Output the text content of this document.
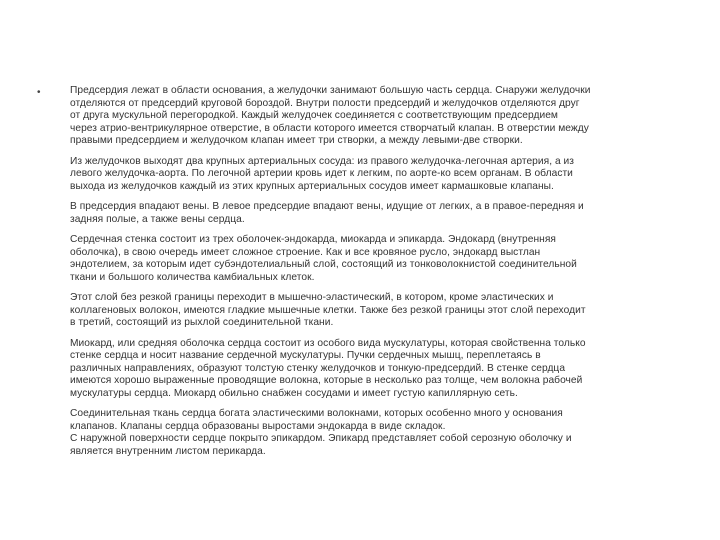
•	Предсердия лежат в области основания, а желудочки занимают большую часть сердца. Снаружи желудочки
отделяются от предсердий круговой бороздой. Внутри полости предсердий и желудочков отделяются друг
от друга мускульной перегородкой. Каждый желудочек соединяется с соответствующим предсердием
через атрио-вентрикулярное отверстие, в области которого имеется створчатый клапан. В отверстии между
правыми предсердием и желудочком клапан имеет три створки, а между левыми-две створки.

Из желудочков выходят два крупных артериальных сосуда: из правого желудочка-легочная артерия, а из
левого желудочка-аорта. По легочной артерии кровь идет к легким, по аорте-ко всем органам. В области
выхода из желудочков каждый из этих крупных артериальных сосудов имеет кармашковые клапаны.

В предсердия впадают вены. В левое предсердие впадают вены, идущие от легких, а в правое-передняя и
задняя полые, а также вены сердца.

Сердечная стенка состоит из трех оболочек-эндокарда, миокарда и эпикарда. Эндокард (внутренняя
оболочка), в свою очередь имеет сложное строение. Как и все кровяное русло, эндокард выстлан
эндотелием, за которым идет субэндотелиальный слой, состоящий из тонковолокнистой соединительной
ткани и большого количества камбиальных клеток.

Этот слой без резкой границы переходит в мышечно-эластический, в котором, кроме эластических и
коллагеновых волокон, имеются гладкие мышечные клетки. Также без резкой границы этот слой переходит
в третий, состоящий из рыхлой соединительной ткани.

Миокард, или средняя оболочка сердца состоит из особого вида мускулатуры, которая свойственна только
стенке сердца и носит название сердечной мускулатуры. Пучки сердечных мышц, переплетаясь в
различных направлениях, образуют толстую стенку желудочков и тонкую-предсердий. В стенке сердца
имеются хорошо выраженные проводящие волокна, которые в несколько раз толще, чем волокна рабочей
мускулатуры сердца. Миокард обильно снабжен сосудами и имеет густую капиллярную сеть.

Соединительная ткань сердца богата эластическими волокнами, которых особенно много у основания
клапанов. Клапаны сердца образованы выростами эндокарда в виде складок.
С наружной поверхности сердце покрыто эпикардом. Эпикард представляет собой серозную оболочку и
является внутренним листом перикарда.
